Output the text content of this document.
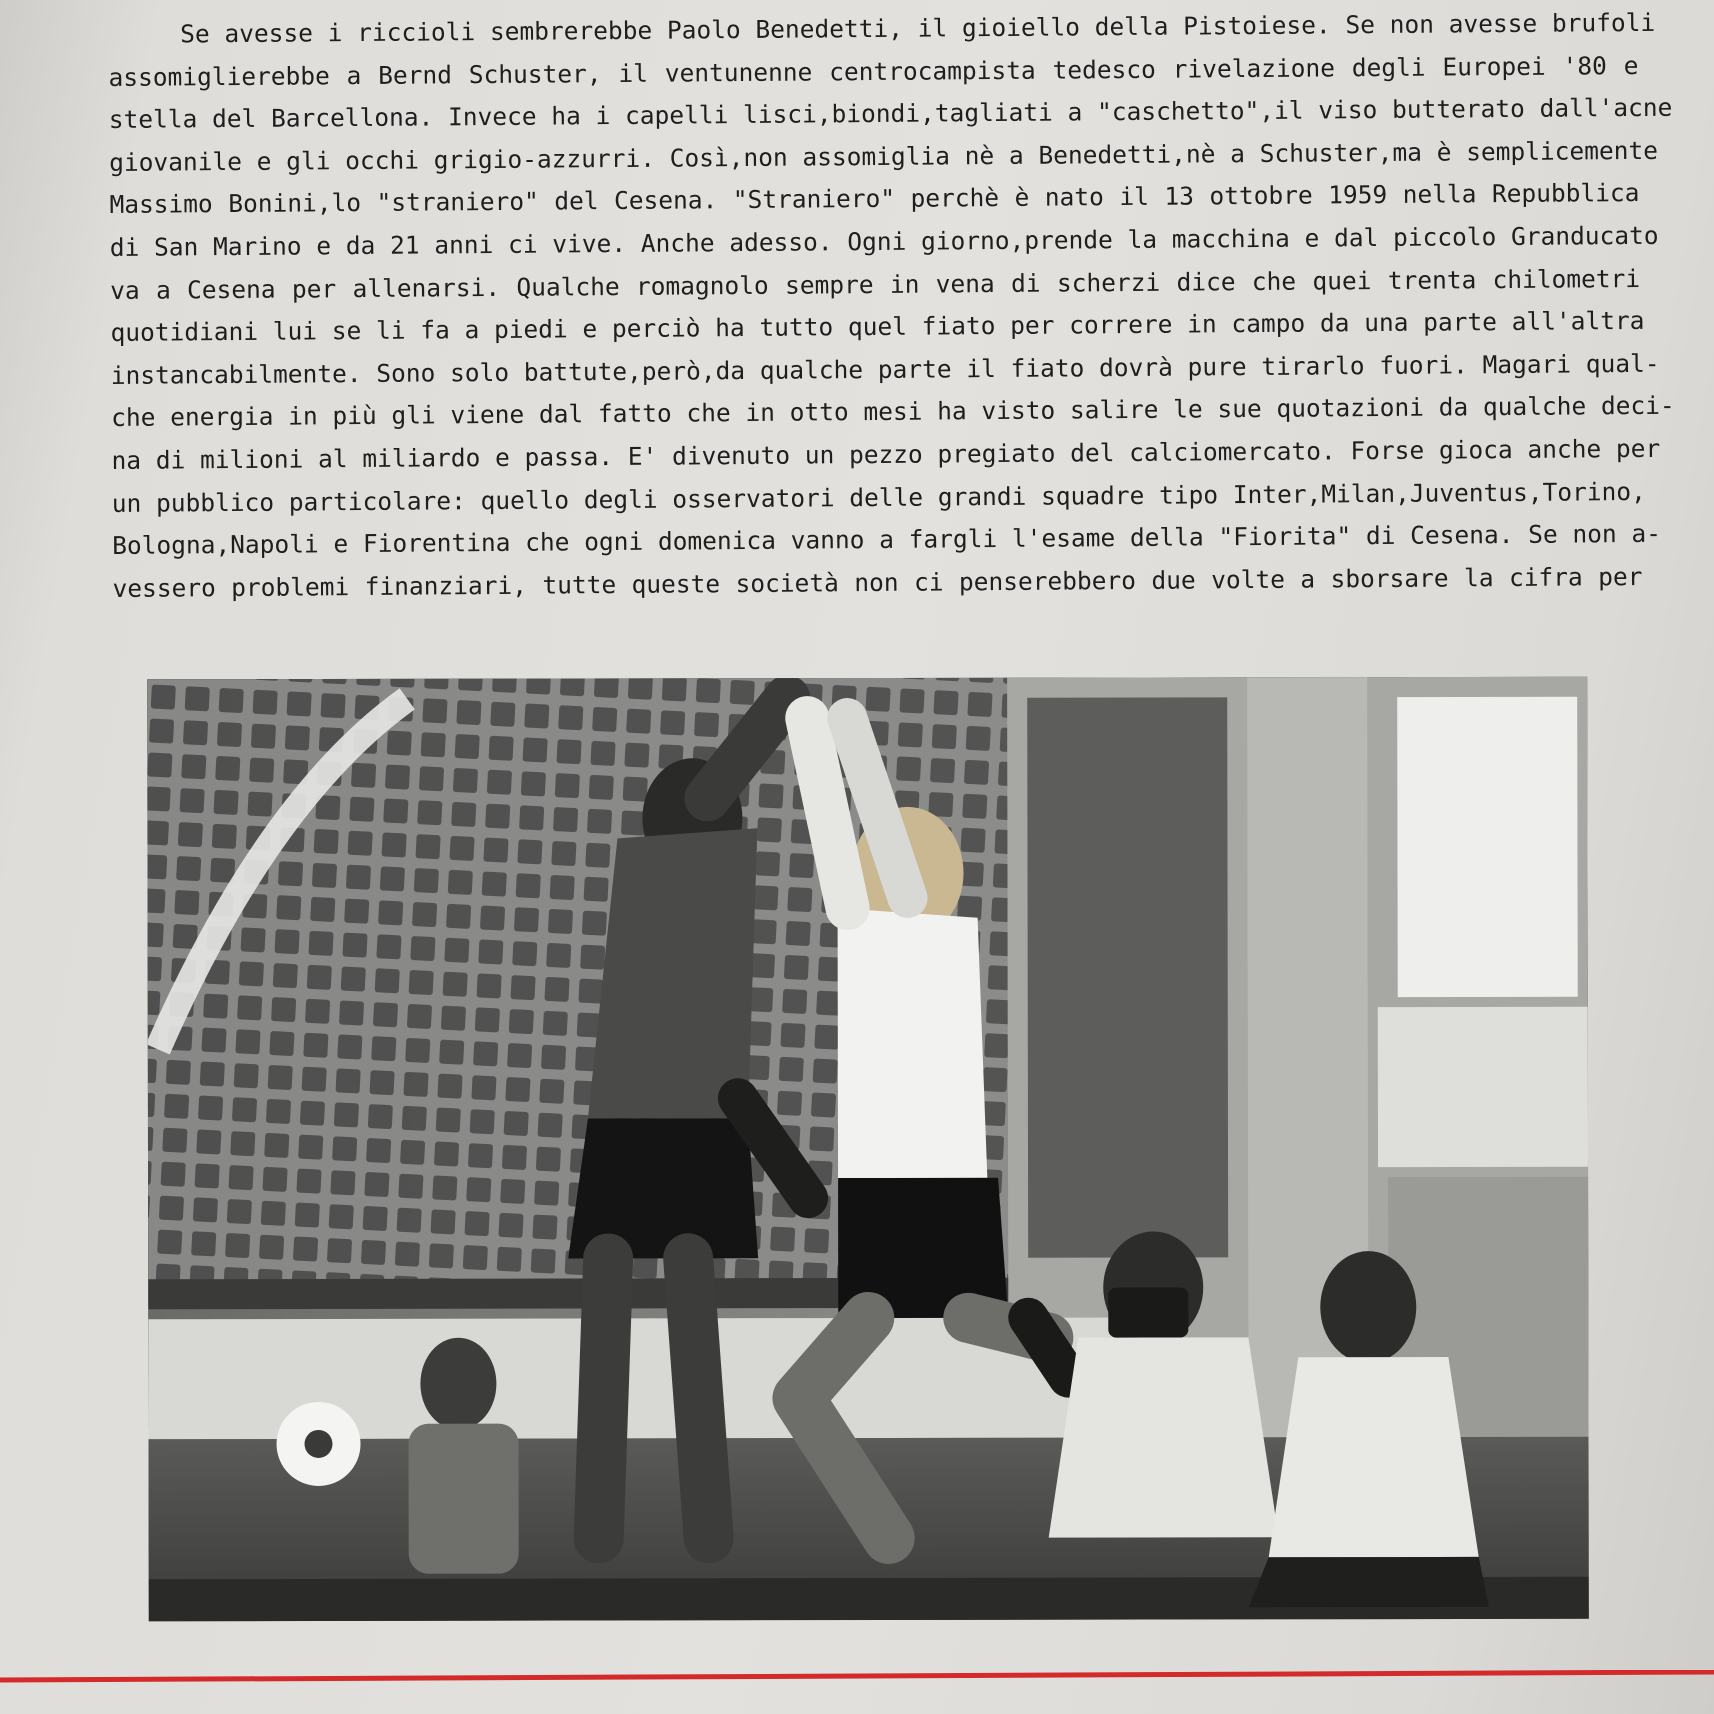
Se avesse i riccioli sembrerebbe Paolo Benedetti, il gioiello della Pistoiese. Se non avesse brufoli
assomiglierebbe a Bernd Schuster, il ventunenne centrocampista tedesco rivelazione degli Europei '80 e
stella del Barcellona. Invece ha i capelli lisci,biondi,tagliati a "caschetto",il viso butterato dall'acne
giovanile e gli occhi grigio-azzurri. Così,non assomiglia nè a Benedetti,nè a Schuster,ma è semplicemente
Massimo Bonini,lo "straniero" del Cesena. "Straniero" perchè è nato il 13 ottobre 1959 nella Repubblica
di San Marino e da 21 anni ci vive. Anche adesso. Ogni giorno,prende la macchina e dal piccolo Granducato
va a Cesena per allenarsi. Qualche romagnolo sempre in vena di scherzi dice che quei trenta chilometri
quotidiani lui se li fa a piedi e perciò ha tutto quel fiato per correre in campo da una parte all'altra
instancabilmente. Sono solo battute,però,da qualche parte il fiato dovrà pure tirarlo fuori. Magari qual-
che energia in più gli viene dal fatto che in otto mesi ha visto salire le sue quotazioni da qualche deci-
na di milioni al miliardo e passa. E' divenuto un pezzo pregiato del calciomercato. Forse gioca anche per
un pubblico particolare: quello degli osservatori delle grandi squadre tipo Inter,Milan,Juventus,Torino,
Bologna,Napoli e Fiorentina che ogni domenica vanno a fargli l'esame della "Fiorita" di Cesena. Se non a-
vessero problemi finanziari, tutte queste società non ci penserebbero due volte a sborsare la cifra per
